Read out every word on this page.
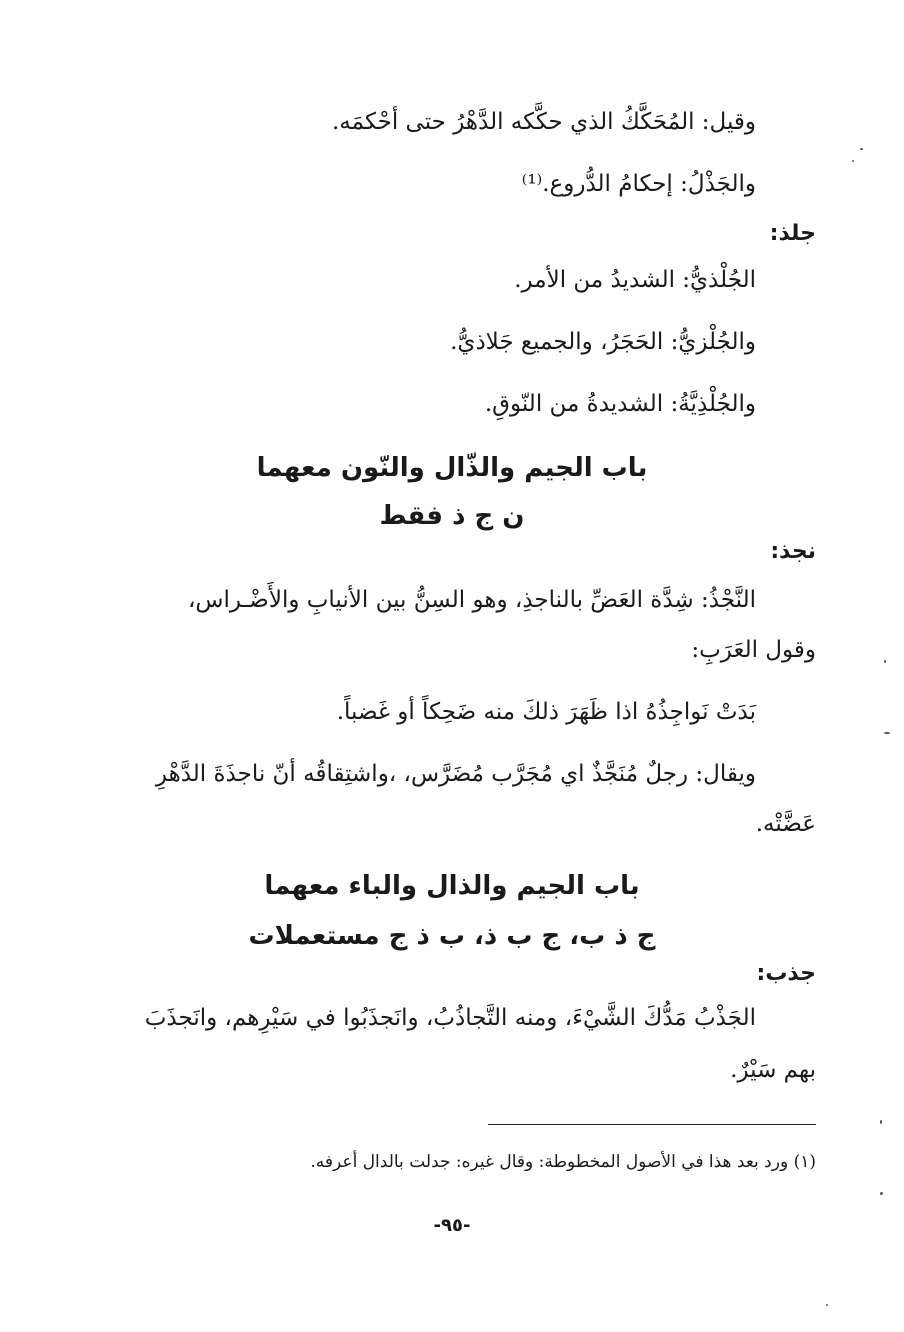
وقيل: المُحَكَّكُ الذي حكَّكه الدَّهْرُ حتى أحْكمَه.
والجَذْلُ: إحكامُ الدُّروع.⁽¹⁾
جلذ:
الجُلْذيُّ: الشديدُ من الأمر.
والجُلْزيُّ: الحَجَرُ، والجميع جَلاذيُّ.
والجُلْذِيَّةُ: الشديدةُ من النّوقِ.
باب الجيم والذّال والنّون معهما
ن ج ذ فقط
نجذ:
النَّجْذُ: شِدَّة العَضِّ بالناجذِ، وهو السِنُّ بين الأنيابِ والأَضْـراس،
وقول العَرَبِ:
بَدَتْ نَواجِذُهُ اذا ظَهَرَ ذلكَ منه ضَحِكاً أو غَضباً.
ويقال: رجلٌ مُنَجَّذٌ اي مُجَرَّب مُضَرَّس، ،واشتِقاقُه أنّ ناجذَةَ الدَّهْرِ
عَضَّتْه.
باب الجيم والذال والباء معهما
ج ذ ب، ج ب ذ، ب ذ ج مستعملات
جذب:
الجَذْبُ مَدُّكَ الشَّيْءَ، ومنه التَّجاذُبُ، وانَجذَبُوا في سَيْرِهم، وانَجذَبَ
بهم سَيْرٌ.
(١) ورد بعد هذا في الأصول المخطوطة: وقال غيره: جدلت بالدال أعرفه.
-٩٥-
